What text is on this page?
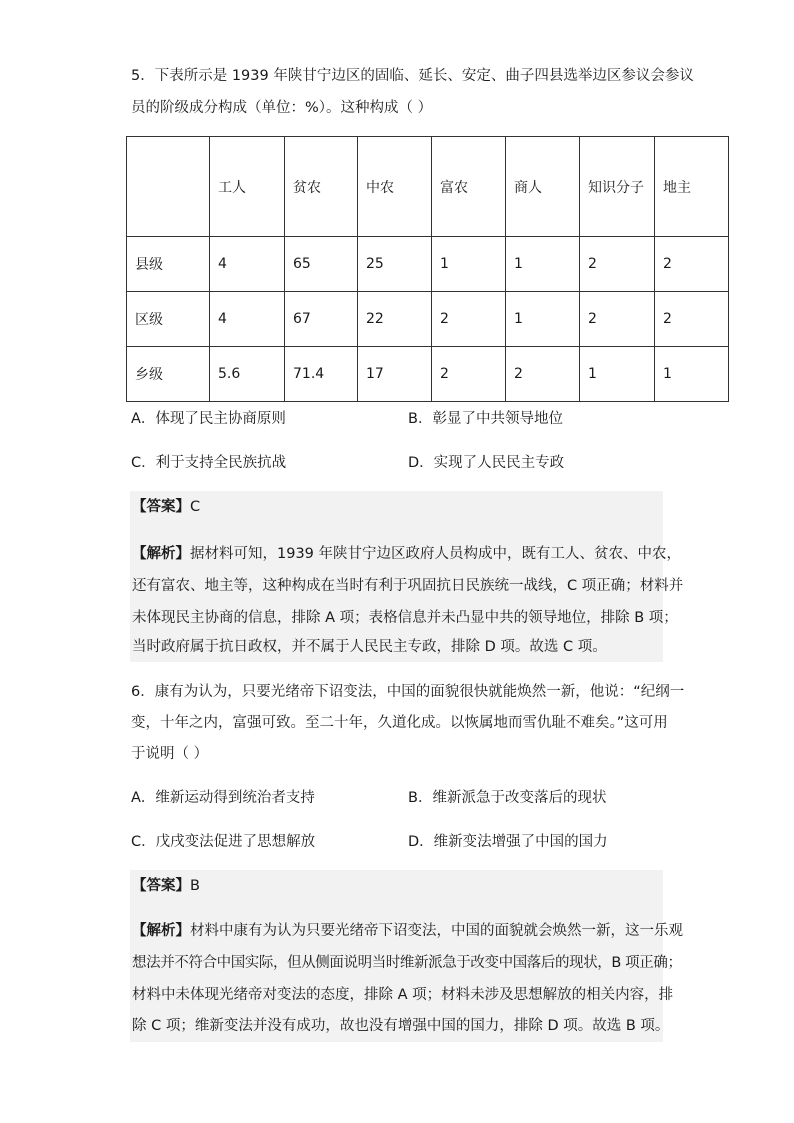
5．下表所示是 1939 年陕甘宁边区的固临、延长、安定、曲子四县选举边区参议会参议
员的阶级成分构成（单位：%）。这种构成（ ）
	工人	贫农	中农	富农	商人	知识分子	地主
县级	4	65	25	1	1	2	2
区级	4	67	22	2	1	2	2
乡级	5.6	71.4	17	2	2	1	1
A．体现了民主协商原则	B．彰显了中共领导地位
C．利于支持全民族抗战	D．实现了人民民主专政
【答案】C
【解析】据材料可知，1939 年陕甘宁边区政府人员构成中，既有工人、贫农、中农，
还有富农、地主等，这种构成在当时有利于巩固抗日民族统一战线，C 项正确；材料并
未体现民主协商的信息，排除 A 项；表格信息并未凸显中共的领导地位，排除 B 项；
当时政府属于抗日政权，并不属于人民民主专政，排除 D 项。故选 C 项。
6．康有为认为，只要光绪帝下诏变法，中国的面貌很快就能焕然一新，他说：“纪纲一
变，十年之内，富强可致。至二十年，久道化成。以恢属地而雪仇耻不难矣。”这可用
于说明（ ）
A．维新运动得到统治者支持	B．维新派急于改变落后的现状
C．戊戌变法促进了思想解放	D．维新变法增强了中国的国力
【答案】B
【解析】材料中康有为认为只要光绪帝下诏变法，中国的面貌就会焕然一新，这一乐观
想法并不符合中国实际，但从侧面说明当时维新派急于改变中国落后的现状，B 项正确；
材料中未体现光绪帝对变法的态度，排除 A 项；材料未涉及思想解放的相关内容，排
除 C 项；维新变法并没有成功，故也没有增强中国的国力，排除 D 项。故选 B 项。
